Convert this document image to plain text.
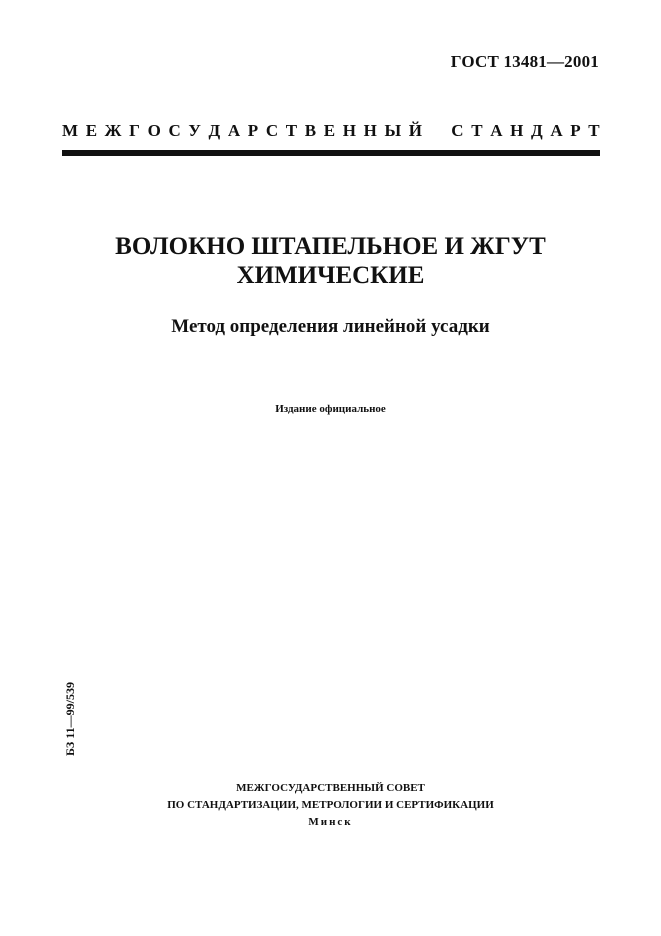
ГОСТ 13481—2001
М Е Ж Г О С У Д А Р С Т В Е Н Н Ы Й С Т А Н Д А Р Т
ВОЛОКНО ШТАПЕЛЬНОЕ И ЖГУТ
ХИМИЧЕСКИЕ
Метод определения линейной усадки
Издание официальное
БЗ 11—99/539
МЕЖГОСУДАРСТВЕННЫЙ СОВЕТ
ПО СТАНДАРТИЗАЦИИ, МЕТРОЛОГИИ И СЕРТИФИКАЦИИ
Минск
